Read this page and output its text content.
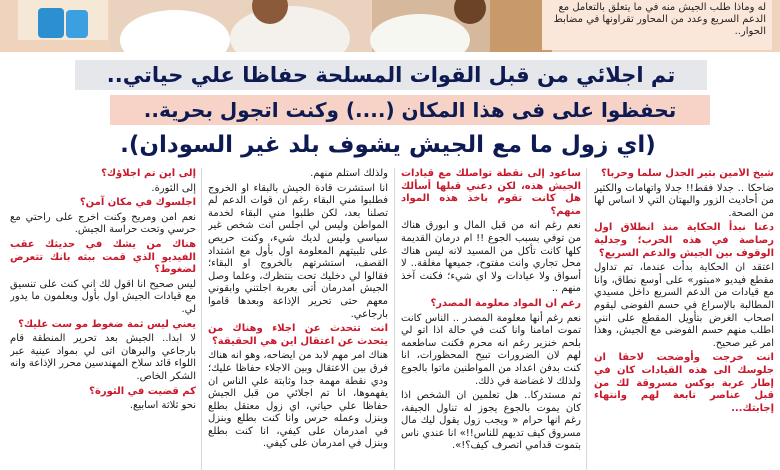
له وماذا طلب الجيش منه في ما يتعلق بالتعامل مع الدعم السريع وعدد من المحاور تقراونها في مضابط الحوار..
تم اجلائي من قبل القوات المسلحة حفاظا علي حياتي..
تحفظوا على فى هذا المكان (....) وكنت اتجول بحرية..
(اي زول ما مع الجيش يشوف بلد غير السودان).

شيخ الأمين بثير الجدل سلما وحربا؟

ضاحكا .. جدلا فقط!! جدلا واتهامات والكثير من أحاديث الزور والبهتان التي لا اساس لها من الصحة.

دعنا نبدأ الحكاية منذ انطلاق اول رصاصة في هذه الحرب؛ وجدلية الوقوف بين الجيش والدعم السريع؟

اعتقد ان الحكاية بدأت عندما، تم تداول مقطع فيديو «مبتور» على أوسع نطاق، وانا مع قيادات من الدعم السريع داخل مسيدي المطالبة بالإسراع في حسم الفوضى ليقوم اصحاب الغرض بتأويل المقطع على انني اطلب منهم حسم الفوضى مع الجيش، وهذا امر غير صحيح.

انت خرجت وأوضحت لاحقا ان جلوسك الى هذه القيادات كان في إطار عربة بوكس مسروقة لك من قبل عناصر تابعة لهم وانتهاء إجابتك...

ساعود إلى نقطة تواصلك مع قيادات الجيش هذه، لكن دعني قبلها أسألك هل كانت تقوم باخذ هذه المواد منهم؟

نعم رغم انه من قبل المال و ابورق هناك من توفي بسبب الجوع !! ام درمان القديمة كلها كانت تأكل من المسيد لانه ليس هناك محل تجاري وانت مفتوح، جميعها مغلقة.. لا أسواق ولا عيادات ولا اي شيء؛ فكنت آخذ منهم ..

رغم ان المواد معلومة المصدر؟

نعم رغم أنها معلومة المصدر .. الناس كانت تموت امامنا وانا كنت في حالة اذا اتو لي بلحم خنزير رغم انه محرم فكنت ساطعمه لهم لان الضرورات تبيح المحظورات، انا كنت بدفن اعداد من المواطنين ماتوا بالجوع ولذلك لا غضاضة في ذلك.

ثم مستدركا.. هل تعلمين ان الشخص اذا كان يموت بالجوع يجوز له تناول الجيفة، رغم انها حرام « ويجب زول يقول ليك مال مسروق كيف تديهم للناس!!» انا عندي ناس بتموت قدامي اتصرف كيف؟!».

ولذلك استلم منهم.

انا استشرت قادة الجيش بالبقاء او الخروج فطلبوا مني البقاء رغم ان قوات الدعم لم تصلنا بعد، لكن طلبوا مني البقاء لخدمة المواطن وليس لي اجلس انت شخص غير سياسي وليس لديك شيء، وكنت حريص على تلبيتهم المعلومة اول بأول مع اشتداد القصف، استشرتهم بالخروج او البقاء؛ فقالوا لي دخليك تحت بنتظرك، وعلما وصل الجيش امدرمان أتى بعربة اجلتني وابقوني معهم حتى تحرير الإذاعة وبعدها قاموا بارجاعي.

انت تتحدث عن اجلاء وهناك من يتحدث عن اعتقال اين هي الحقيقة؟

هناك امر مهم لابد من ايضاحه، وهو انه هناك فرق بين الاعتقال وبين الاجلاء حفاظا عليك؛ ودي نقطة مهمة جدا وثابتة علي الناس ان يفهموها، انا تم اجلائي من قبل الجيش حفاظا علي حياتي، اي زول معتقل بطلع وينزل وعمله حرس وانا كنت بطلع وبنزل في امدرمان على كيفي، انا كنت بطلع وبنزل في امدرمان على كيفي.

إلى أين تم اجلاؤك؟

إلى الثورة.

اجلسوك في مكان آمن؟

نعم امن ومريح وكنت اخرج على راحتي مع حرسي وتحت حراسة الجيش.

هناك من يشك في حديثك عقب الفيديو الذي قمت ببثه بانك تتعرض لضغوط؟

ليس صحيح انا اقول لك اني كنت على تنسيق مع قيادات الجيش اول بأول ويعلمون ما يدور لي.

يعني ليس ثمة ضغوط مو ست عليك؟

لا ابدا.. الجيش بعد تحرير المنطقة قام بارجاعي والبرهان اتى لي بمواد عينية عبر اللواء قائد سلاح المهندسين محرر الإذاعة وانه الشكر الخاص.

كم قضيت في الثورة؟

نحو ثلاثة اسابيع.
